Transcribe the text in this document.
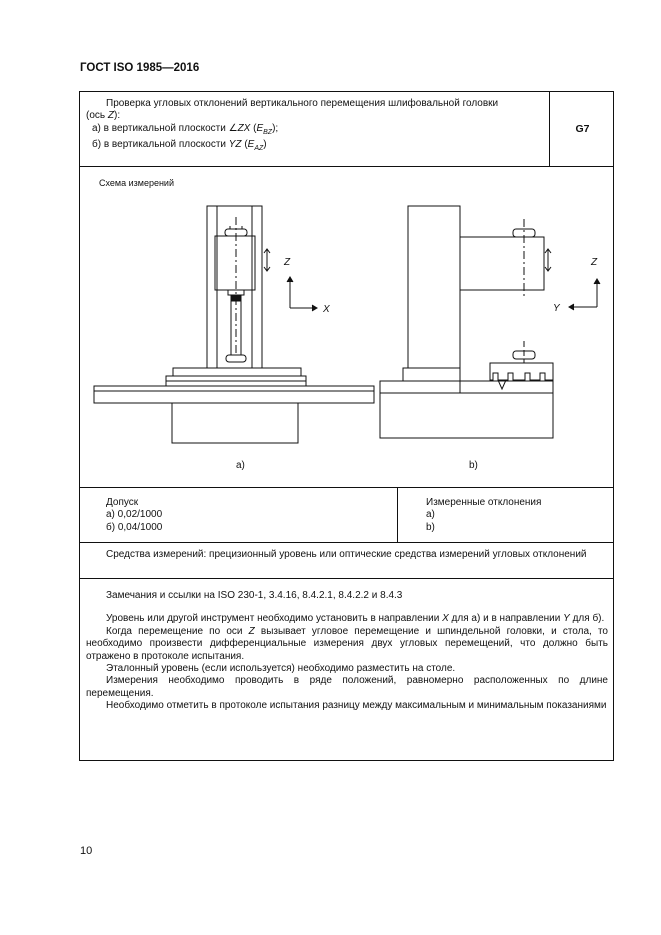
ГОСТ ISO 1985—2016

Проверка угловых отклонений вертикального перемещения шлифовальной головки

(ось Z):

а) в вертикальной плоскости ∠ZX $(E_{BZ})$;

б) в вертикальной плоскости YZ $(E_{AZ})$

G7
Схема измерений
Z
X
Z
Y
a)	b)

Допуск

а) 0,02/1000

б) 0,04/1000

Измеренные отклонения

a)

b)

Средства измерений: прецизионный уровень или оптические средства измерений угловых отклонений

Замечания и ссылки на ISO 230-1, 3.4.16, 8.4.2.1, 8.4.2.2 и 8.4.3

Уровень или другой инструмент необходимо установить в направлении X для a) и в направлении Y для б).

Когда перемещение по оси Z вызывает угловое перемещение и шпиндельной головки, и стола, то необходимо произвести дифференциальные измерения двух угловых перемещений, что должно быть отражено в протоколе испытания.

Эталонный уровень (если используется) необходимо разместить на столе.

Измерения необходимо проводить в ряде положений, равномерно расположенных по длине перемещения.

Необходимо отметить в протоколе испытания разницу между максимальным и минимальным показаниями

10
